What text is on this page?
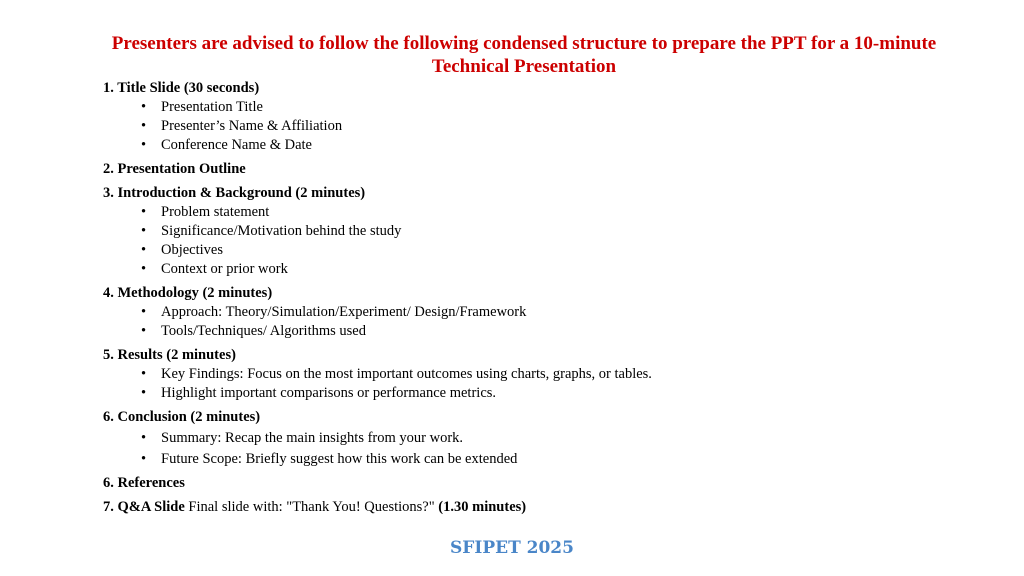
Presenters are advised to follow the following condensed structure to prepare the PPT for a 10-minute Technical Presentation
1. Title Slide (30 seconds)
• Presentation Title
• Presenter’s Name & Affiliation
• Conference Name & Date
2. Presentation Outline
3. Introduction & Background (2 minutes)
• Problem statement
• Significance/Motivation behind the study
• Objectives
• Context or prior work
4. Methodology (2 minutes)
• Approach: Theory/Simulation/Experiment/ Design/Framework
• Tools/Techniques/ Algorithms used
5. Results (2 minutes)
• Key Findings: Focus on the most important outcomes using charts, graphs, or tables.
• Highlight important comparisons or performance metrics.
6. Conclusion (2 minutes)
• Summary: Recap the main insights from your work.
• Future Scope: Briefly suggest how this work can be extended
6. References
7. Q&A Slide Final slide with: "Thank You! Questions?" (1.30 minutes)
SFIPET 2025
